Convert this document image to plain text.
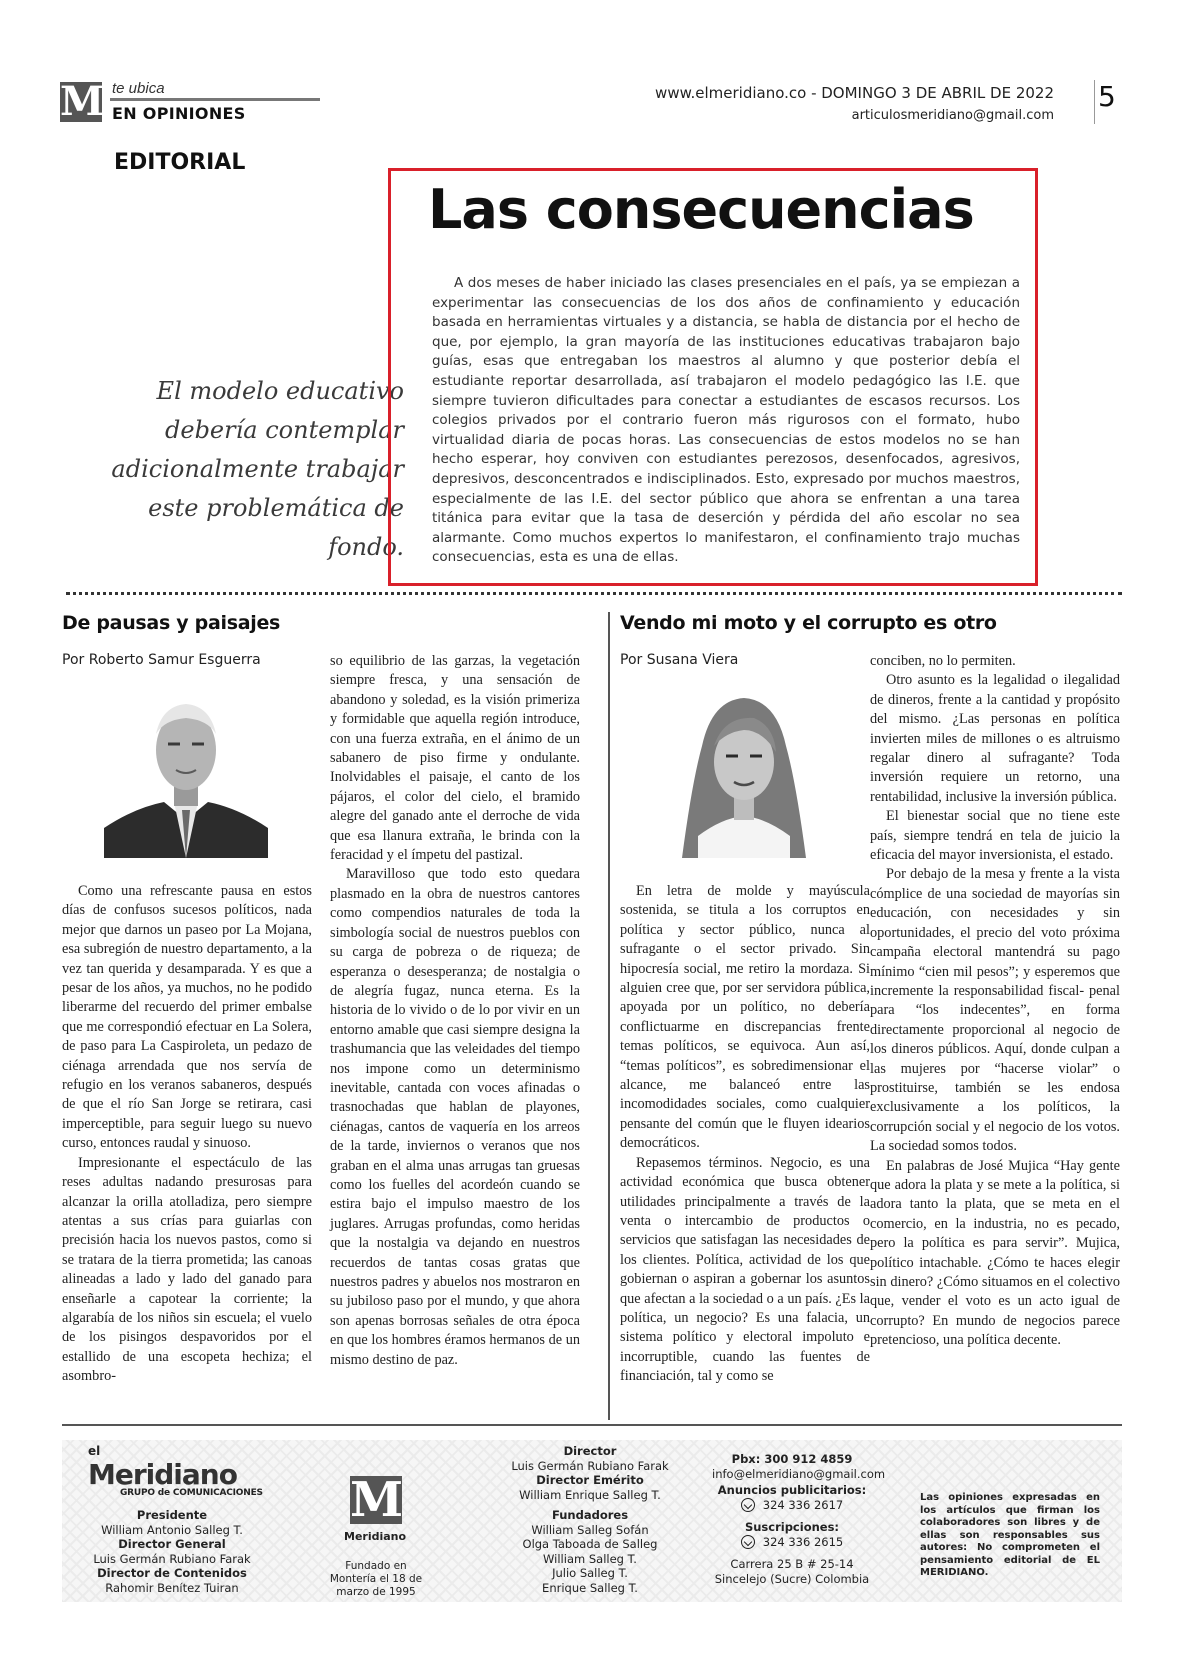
M te ubica
EN OPINIONES
www.elmeridiano.co - DOMINGO 3 DE ABRIL DE 2022
articulosmeridiano@gmail.com
5
EDITORIAL
El modelo educativo debería contemplar adicionalmente trabajar este problemática de fondo.
Las consecuencias

A dos meses de haber iniciado las clases presenciales en el país, ya se empiezan a experimentar las consecuencias de los dos años de confinamiento y educación basada en herramientas virtuales y a distancia, se habla de distancia por el hecho de que, por ejemplo, la gran mayoría de las instituciones educativas trabajaron bajo guías, esas que entregaban los maestros al alumno y que posterior debía el estudiante reportar desarrollada, así trabajaron el modelo pedagógico las I.E. que siempre tuvieron dificultades para conectar a estudiantes de escasos recursos. Los colegios privados por el contrario fueron más rigurosos con el formato, hubo virtualidad diaria de pocas horas. Las consecuencias de estos modelos no se han hecho esperar, hoy conviven con estudiantes perezosos, desenfocados, agresivos, depresivos, desconcentrados e indisciplinados. Esto, expresado por muchos maestros, especialmente de las I.E. del sector público que ahora se enfrentan a una tarea titánica para evitar que la tasa de deserción y pérdida del año escolar no sea alarmante. Como muchos expertos lo manifestaron, el confinamiento trajo muchas consecuencias, esta es una de ellas.

De pausas y paisajes
Por Roberto Samur Esguerra

Como una refrescante pausa en estos días de confusos sucesos políticos, nada mejor que darnos un paseo por La Mojana, esa subregión de nuestro departamento, a la vez tan querida y desamparada. Y es que a pesar de los años, ya muchos, no he podido liberarme del recuerdo del primer embalse que me correspondió efectuar en La Solera, de paso para La Caspiroleta, un pedazo de ciénaga arrendada que nos servía de refugio en los veranos sabaneros, después de que el río San Jorge se retirara, casi imperceptible, para seguir luego su nuevo curso, entonces raudal y sinuoso.

Impresionante el espectáculo de las reses adultas nadando presurosas para alcanzar la orilla atolladiza, pero siempre atentas a sus crías para guiarlas con precisión hacia los nuevos pastos, como si se tratara de la tierra prometida; las canoas alineadas a lado y lado del ganado para enseñarle a capotear la corriente; la algarabía de los niños sin escuela; el vuelo de los pisingos despavoridos por el estallido de una escopeta hechiza; el asombro-

so equilibrio de las garzas, la vegetación siempre fresca, y una sensación de abandono y soledad, es la visión primeriza y formidable que aquella región introduce, con una fuerza extraña, en el ánimo de un sabanero de piso firme y ondulante. Inolvidables el paisaje, el canto de los pájaros, el color del cielo, el bramido alegre del ganado ante el derroche de vida que esa llanura extraña, le brinda con la feracidad y el ímpetu del pastizal.

Maravilloso que todo esto quedara plasmado en la obra de nuestros cantores como compendios naturales de toda la simbología social de nuestros pueblos con su carga de pobreza o de riqueza; de esperanza o desesperanza; de nostalgia o de alegría fugaz, nunca eterna. Es la historia de lo vivido o de lo por vivir en un entorno amable que casi siempre designa la trashumancia que las veleidades del tiempo nos impone como un determinismo inevitable, cantada con voces afinadas o trasnochadas que hablan de playones, ciénagas, cantos de vaquería en los arreos de la tarde, inviernos o veranos que nos graban en el alma unas arrugas tan gruesas como los fuelles del acordeón cuando se estira bajo el impulso maestro de los juglares. Arrugas profundas, como heridas que la nostalgia va dejando en nuestros recuerdos de tantas cosas gratas que nuestros padres y abuelos nos mostraron en su jubiloso paso por el mundo, y que ahora son apenas borrosas señales de otra época en que los hombres éramos hermanos de un mismo destino de paz.

Vendo mi moto y el corrupto es otro
Por Susana Viera

En letra de molde y mayúscula sostenida, se titula a los corruptos en política y sector público, nunca al sufragante o el sector privado. Sin hipocresía social, me retiro la mordaza. Si alguien cree que, por ser servidora pública, apoyada por un político, no debería conflictuarme en discrepancias frente temas políticos, se equivoca. Aun así, “temas políticos”, es sobredimensionar el alcance, me balanceó entre las incomodidades sociales, como cualquier pensante del común que le fluyen idearios democráticos.

Repasemos términos. Negocio, es una actividad económica que busca obtener utilidades principalmente a través de la venta o intercambio de productos o servicios que satisfagan las necesidades de los clientes. Política, actividad de los que gobiernan o aspiran a gobernar los asuntos que afectan a la sociedad o a un país. ¿Es la política, un negocio? Es una falacia, un sistema político y electoral impoluto e incorruptible, cuando las fuentes de financiación, tal y como se

conciben, no lo permiten.

Otro asunto es la legalidad o ilegalidad de dineros, frente a la cantidad y propósito del mismo. ¿Las personas en política invierten miles de millones o es altruismo regalar dinero al sufragante? Toda inversión requiere un retorno, una rentabilidad, inclusive la inversión pública.

El bienestar social que no tiene este país, siempre tendrá en tela de juicio la eficacia del mayor inversionista, el estado.

Por debajo de la mesa y frente a la vista cómplice de una sociedad de mayorías sin educación, con necesidades y sin oportunidades, el precio del voto próxima campaña electoral mantendrá su pago mínimo “cien mil pesos”; y esperemos que incremente la responsabilidad fiscal- penal para “los indecentes”, en forma directamente proporcional al negocio de los dineros públicos. Aquí, donde culpan a las mujeres por “hacerse violar” o prostituirse, también se les endosa exclusivamente a los políticos, la corrupción social y el negocio de los votos. La sociedad somos todos.

En palabras de José Mujica “Hay gente que adora la plata y se mete a la política, si adora tanto la plata, que se meta en el comercio, en la industria, no es pecado, pero la política es para servir”. Mujica, político intachable. ¿Cómo te haces elegir sin dinero? ¿Cómo situamos en el colectivo que, vender el voto es un acto igual de corrupto? En mundo de negocios parece pretencioso, una política decente.

el
Meridiano
GRUPO de COMUNICACIONES
Presidente
William Antonio Salleg T.
Director General
Luis Germán Rubiano Farak
Director de Contenidos
Rahomir Benítez Tuiran
M
Meridiano
Fundado en Montería el 18 de marzo de 1995
Director
Luis Germán Rubiano Farak
Director Emérito
William Enrique Salleg T.
Fundadores
William Salleg Sofán
Olga Taboada de Salleg
William Salleg T.
Julio Salleg T.
Enrique Salleg T.
Pbx: 300 912 4859
info@elmeridiano@gmail.com
Anuncios publicitarios:
324 336 2617
Suscripciones:
324 336 2615
Carrera 25 B # 25-14
Sincelejo (Sucre) Colombia
Las opiniones expresadas en los artículos que firman los colaboradores son libres y de ellas son responsables sus autores: No comprometen el pensamiento editorial de EL MERIDIANO.
